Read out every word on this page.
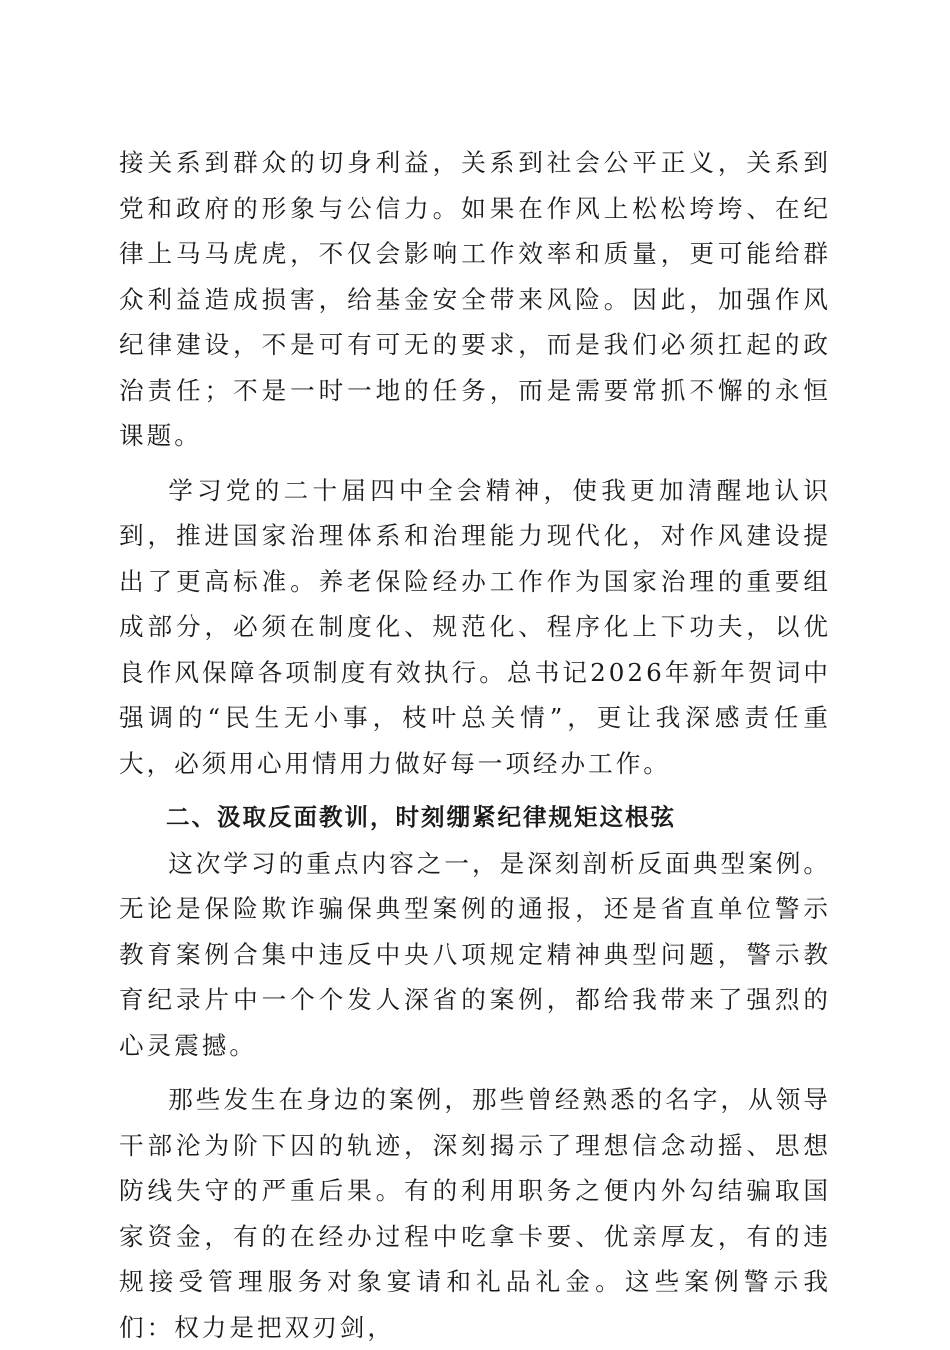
接关系到群众的切身利益，关系到社会公平正义，关系到党和政府的形象与公信力。如果在作风上松松垮垮、在纪律上马马虎虎，不仅会影响工作效率和质量，更可能给群众利益造成损害，给基金安全带来风险。因此，加强作风纪律建设，不是可有可无的要求，而是我们必须扛起的政治责任；不是一时一地的任务，而是需要常抓不懈的永恒课题。

学习党的二十届四中全会精神，使我更加清醒地认识到，推进国家治理体系和治理能力现代化，对作风建设提出了更高标准。养老保险经办工作作为国家治理的重要组成部分，必须在制度化、规范化、程序化上下功夫，以优良作风保障各项制度有效执行。总书记2026年新年贺词中强调的“民生无小事，枝叶总关情”，更让我深感责任重大，必须用心用情用力做好每一项经办工作。

二、汲取反面教训，时刻绷紧纪律规矩这根弦

这次学习的重点内容之一，是深刻剖析反面典型案例。无论是保险欺诈骗保典型案例的通报，还是省直单位警示教育案例合集中违反中央八项规定精神典型问题，警示教育纪录片中一个个发人深省的案例，都给我带来了强烈的心灵震撼。

那些发生在身边的案例，那些曾经熟悉的名字，从领导干部沦为阶下囚的轨迹，深刻揭示了理想信念动摇、思想防线失守的严重后果。有的利用职务之便内外勾结骗取国家资金，有的在经办过程中吃拿卡要、优亲厚友，有的违规接受管理服务对象宴请和礼品礼金。这些案例警示我们：权力是把双刃剑，
